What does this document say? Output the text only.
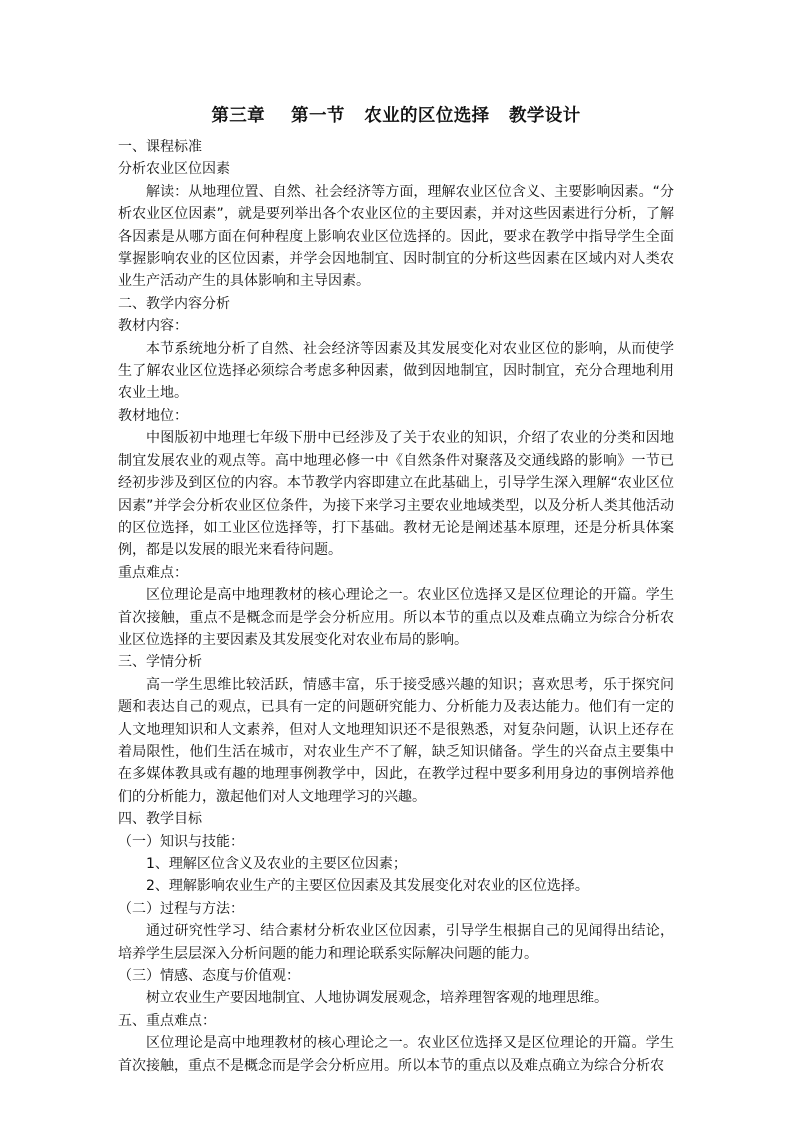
第三章    第一节   农业的区位选择   教学设计
一、课程标准
分析农业区位因素
解读：从地理位置、自然、社会经济等方面，理解农业区位含义、主要影响因素。“分析农业区位因素”，就是要列举出各个农业区位的主要因素，并对这些因素进行分析，了解各因素是从哪方面在何种程度上影响农业区位选择的。因此，要求在教学中指导学生全面掌握影响农业的区位因素，并学会因地制宜、因时制宜的分析这些因素在区域内对人类农业生产活动产生的具体影响和主导因素。
二、教学内容分析
教材内容：
本节系统地分析了自然、社会经济等因素及其发展变化对农业区位的影响，从而使学生了解农业区位选择必须综合考虑多种因素，做到因地制宜，因时制宜，充分合理地利用农业土地。
教材地位：
中图版初中地理七年级下册中已经涉及了关于农业的知识，介绍了农业的分类和因地制宜发展农业的观点等。高中地理必修一中《自然条件对聚落及交通线路的影响》一节已经初步涉及到区位的内容。本节教学内容即建立在此基础上，引导学生深入理解“农业区位因素”并学会分析农业区位条件，为接下来学习主要农业地域类型，以及分析人类其他活动的区位选择，如工业区位选择等，打下基础。教材无论是阐述基本原理，还是分析具体案例，都是以发展的眼光来看待问题。
重点难点：
区位理论是高中地理教材的核心理论之一。农业区位选择又是区位理论的开篇。学生首次接触，重点不是概念而是学会分析应用。所以本节的重点以及难点确立为综合分析农业区位选择的主要因素及其发展变化对农业布局的影响。
三、学情分析
高一学生思维比较活跃，情感丰富，乐于接受感兴趣的知识；喜欢思考，乐于探究问题和表达自己的观点，已具有一定的问题研究能力、分析能力及表达能力。他们有一定的人文地理知识和人文素养，但对人文地理知识还不是很熟悉，对复杂问题，认识上还存在着局限性，他们生活在城市，对农业生产不了解，缺乏知识储备。学生的兴奋点主要集中在多媒体教具或有趣的地理事例教学中，因此，在教学过程中要多利用身边的事例培养他们的分析能力，激起他们对人文地理学习的兴趣。
四、教学目标
（一）知识与技能：
1、理解区位含义及农业的主要区位因素；
2、理解影响农业生产的主要区位因素及其发展变化对农业的区位选择。
（二）过程与方法：
通过研究性学习、结合素材分析农业区位因素，引导学生根据自己的见闻得出结论，培养学生层层深入分析问题的能力和理论联系实际解决问题的能力。
（三）情感、态度与价值观：
树立农业生产要因地制宜、人地协调发展观念，培养理智客观的地理思维。
五、重点难点：
区位理论是高中地理教材的核心理论之一。农业区位选择又是区位理论的开篇。学生首次接触，重点不是概念而是学会分析应用。所以本节的重点以及难点确立为综合分析农
